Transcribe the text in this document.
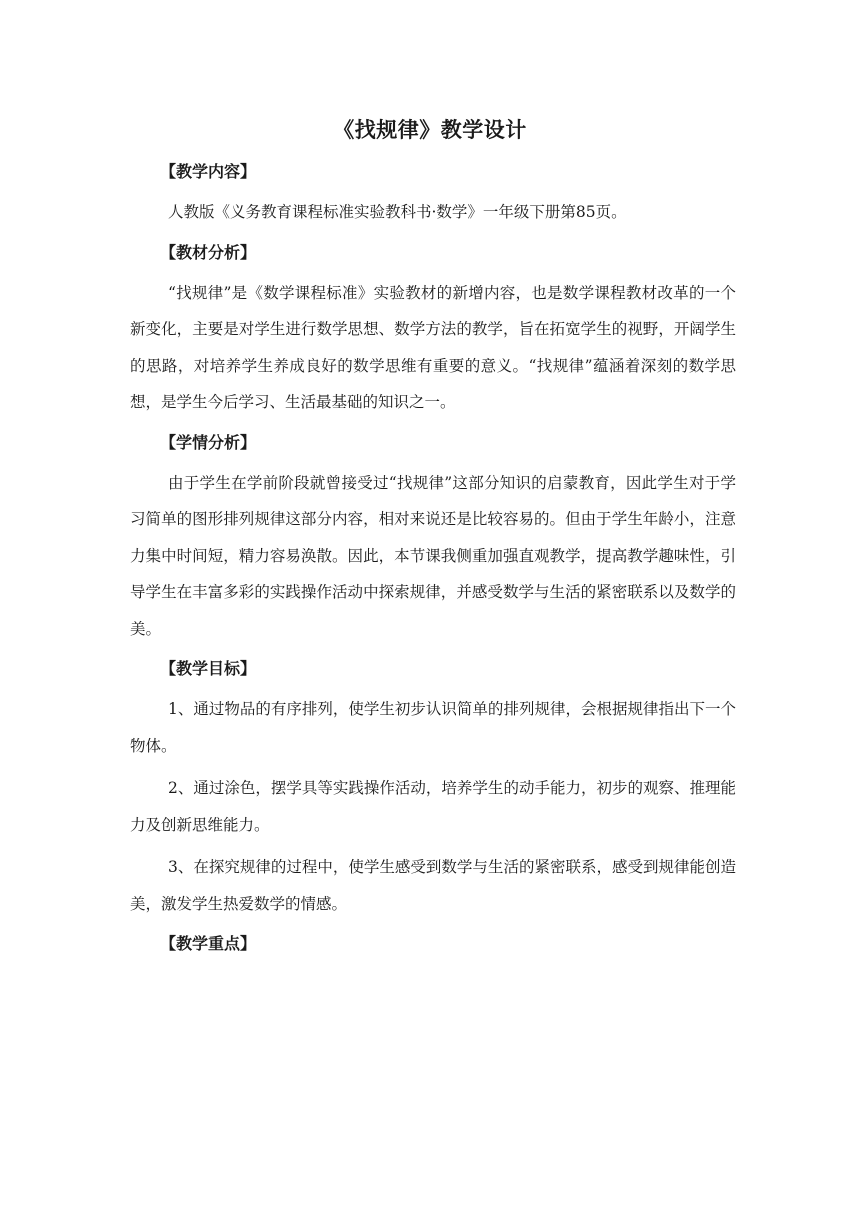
《找规律》教学设计

【教学内容】

人教版《义务教育课程标准实验教科书·数学》一年级下册第85页。

【教材分析】

“找规律”是《数学课程标准》实验教材的新增内容，也是数学课程教材改革的一个新变化，主要是对学生进行数学思想、数学方法的教学，旨在拓宽学生的视野，开阔学生的思路，对培养学生养成良好的数学思维有重要的意义。“找规律”蕴涵着深刻的数学思想，是学生今后学习、生活最基础的知识之一。

【学情分析】

由于学生在学前阶段就曾接受过“找规律”这部分知识的启蒙教育，因此学生对于学习简单的图形排列规律这部分内容，相对来说还是比较容易的。但由于学生年龄小，注意力集中时间短，精力容易涣散。因此，本节课我侧重加强直观教学，提高教学趣味性，引导学生在丰富多彩的实践操作活动中探索规律，并感受数学与生活的紧密联系以及数学的美。

【教学目标】

1、通过物品的有序排列，使学生初步认识简单的排列规律，会根据规律指出下一个物体。

2、通过涂色，摆学具等实践操作活动，培养学生的动手能力，初步的观察、推理能力及创新思维能力。

3、在探究规律的过程中，使学生感受到数学与生活的紧密联系，感受到规律能创造美，激发学生热爱数学的情感。

【教学重点】
